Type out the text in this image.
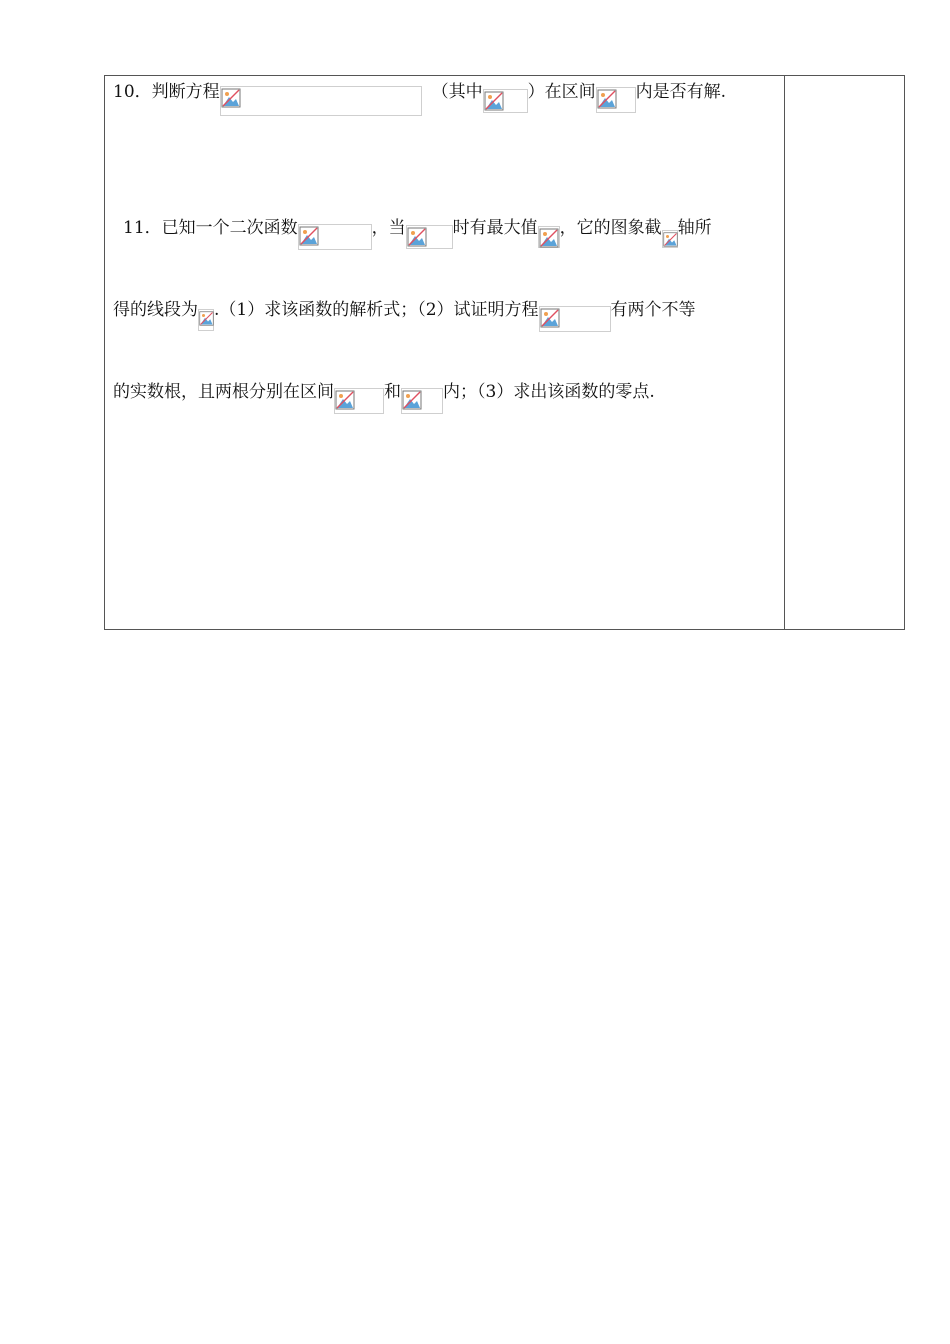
10．判断方程	（其中	）在区间 内是否有解.
11．已知一个二次函数	，当	时有最大值 ，它的图象截 轴所
得的线段为 .（1）求该函数的解析式；（2）试证明方程	有两个不等
的实数根，且两根分别在区间	和 内；（3）求出该函数的零点.
